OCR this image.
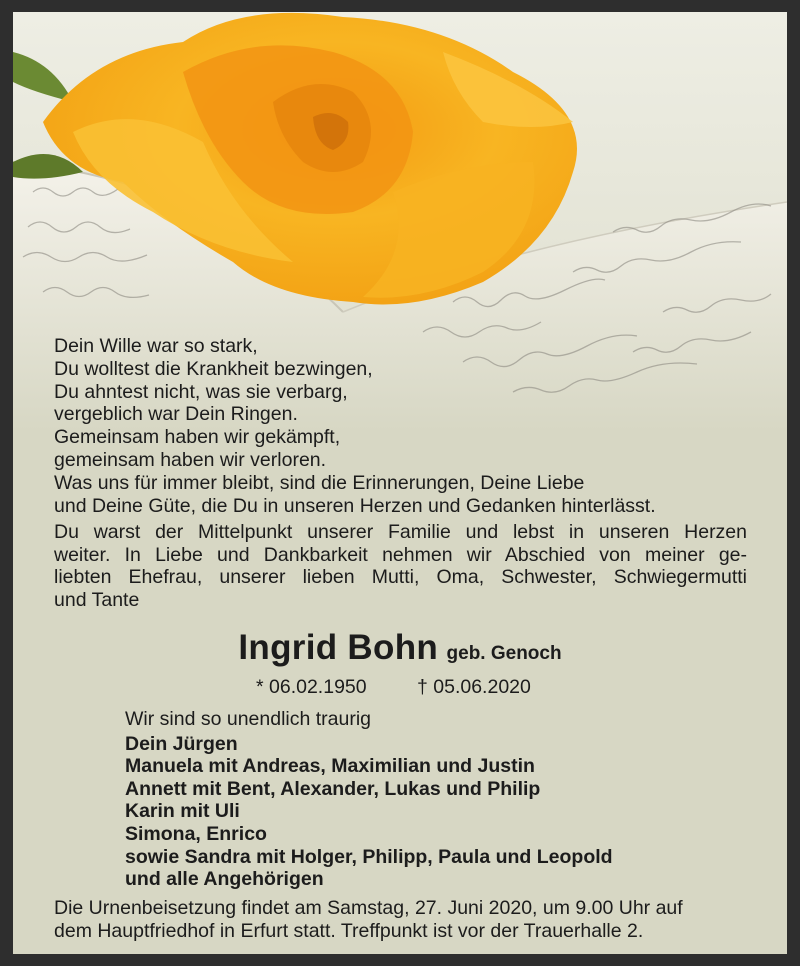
Dein Wille war so stark,
Du wolltest die Krankheit bezwingen,
Du ahntest nicht, was sie verbarg,
vergeblich war Dein Ringen.
Gemeinsam haben wir gekämpft,
gemeinsam haben wir verloren.
Was uns für immer bleibt, sind die Erinnerungen, Deine Liebe
und Deine Güte, die Du in unseren Herzen und Gedanken hinterlässt.
Du warst der Mittelpunkt unserer Familie und lebst in unseren Herzen
weiter. In Liebe und Dankbarkeit nehmen wir Abschied von meiner ge-
liebten Ehefrau, unserer lieben Mutti, Oma, Schwester, Schwiegermutti
und Tante
Ingrid Bohn geb. Genoch
* 06.02.1950	† 05.06.2020
Wir sind so unendlich traurig
Dein Jürgen
Manuela mit Andreas, Maximilian und Justin
Annett mit Bent, Alexander, Lukas und Philip
Karin mit Uli
Simona, Enrico
sowie Sandra mit Holger, Philipp, Paula und Leopold
und alle Angehörigen
Die Urnenbeisetzung findet am Samstag, 27. Juni 2020, um 9.00 Uhr auf
dem Hauptfriedhof in Erfurt statt. Treffpunkt ist vor der Trauerhalle 2.
